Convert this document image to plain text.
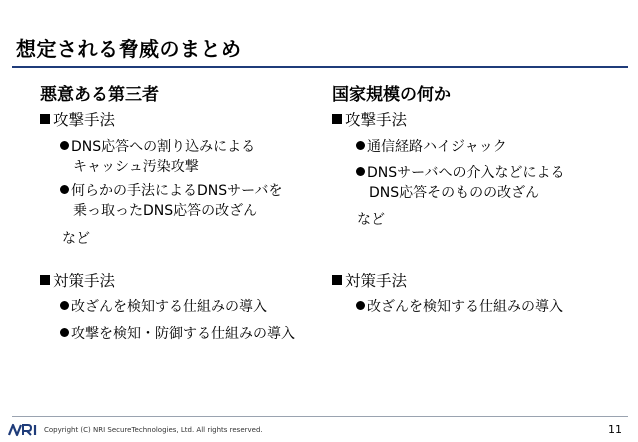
想定される脅威のまとめ
悪意ある第三者
攻撃手法
DNS応答への割り込みによる
キャッシュ汚染攻撃
何らかの手法によるDNSサーバを
乗っ取ったDNS応答の改ざん
など
対策手法
改ざんを検知する仕組みの導入
攻撃を検知・防御する仕組みの導入
国家規模の何か
攻撃手法
通信経路ハイジャック
DNSサーバへの介入などによる
DNS応答そのものの改ざん
など
対策手法
改ざんを検知する仕組みの導入
Copyright (C) NRI SecureTechnologies, Ltd. All rights reserved.	11
